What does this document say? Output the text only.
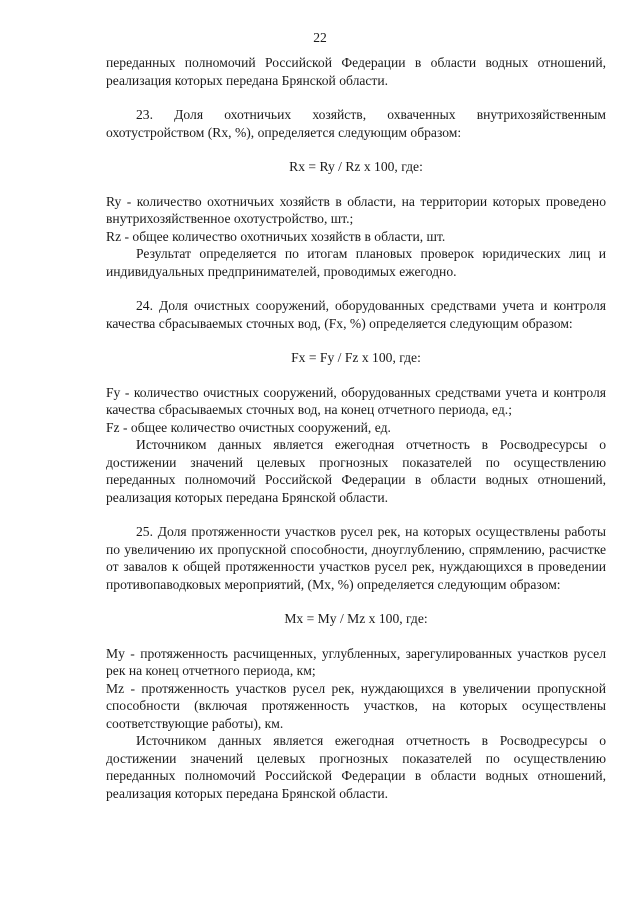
22

переданных полномочий Российской Федерации в области водных отношений, реализация которых передана Брянской области.

23. Доля охотничьих хозяйств, охваченных внутрихозяйственным охотустройством (Rх, %), определяется следующим образом:

Rх = Ry / Rz х 100, где:

Ry - количество охотничьих хозяйств в области, на территории которых проведено внутрихозяйственное охотустройство, шт.;

Rz - общее количество охотничьих хозяйств в области, шт.

Результат определяется по итогам плановых проверок юридических лиц и индивидуальных предпринимателей, проводимых ежегодно.

24. Доля очистных сооружений, оборудованных средствами учета и контроля качества сбрасываемых сточных вод, (Fх, %) определяется следующим образом:

Fх = Fy / Fz х 100, где:

Fy - количество очистных сооружений, оборудованных средствами учета и контроля качества сбрасываемых сточных вод, на конец отчетного периода, ед.;

Fz - общее количество очистных сооружений, ед.

Источником данных является ежегодная отчетность в Росводресурсы о достижении значений целевых прогнозных показателей по осуществлению переданных полномочий Российской Федерации в области водных отношений, реализация которых передана Брянской области.

25. Доля протяженности участков русел рек, на которых осуществлены работы по увеличению их пропускной способности, дноуглублению, спрямлению, расчистке от завалов к общей протяженности участков русел рек, нуждающихся в проведении противопаводковых мероприятий, (Мх, %) определяется следующим образом:

Мх = Мy / Мz х 100, где:

Мy - протяженность расчищенных, углубленных, зарегулированных участков русел рек на конец отчетного периода, км;

Мz - протяженность участков русел рек, нуждающихся в увеличении пропускной способности (включая протяженность участков, на которых осуществлены соответствующие работы), км.

Источником данных является ежегодная отчетность в Росводресурсы о достижении значений целевых прогнозных показателей по осуществлению переданных полномочий Российской Федерации в области водных отношений, реализация которых передана Брянской области.
